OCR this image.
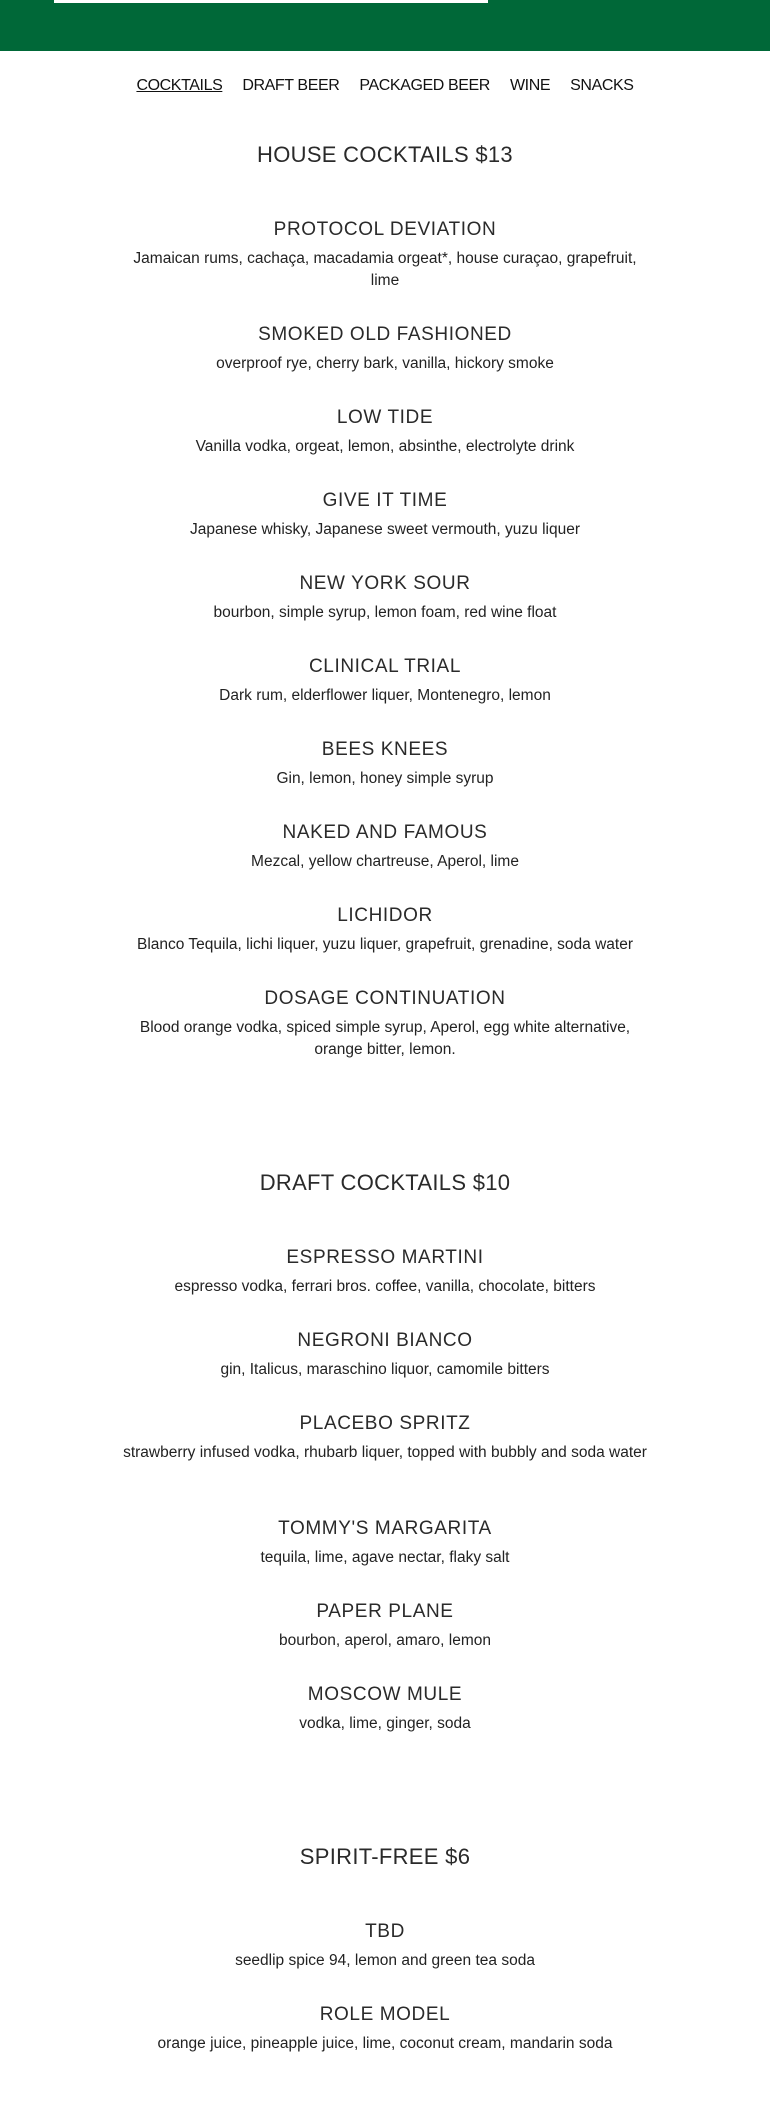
COCKTAILS DRAFT BEER PACKAGED BEER WINE SNACKS
HOUSE COCKTAILS $13
PROTOCOL DEVIATION
Jamaican rums, cachaça, macadamia orgeat*, house curaçao, grapefruit, lime
SMOKED OLD FASHIONED
overproof rye, cherry bark, vanilla, hickory smoke
LOW TIDE
Vanilla vodka, orgeat, lemon, absinthe, electrolyte drink
GIVE IT TIME
Japanese whisky, Japanese sweet vermouth, yuzu liquer
NEW YORK SOUR
bourbon, simple syrup, lemon foam, red wine float
CLINICAL TRIAL
Dark rum, elderflower liquer, Montenegro, lemon
BEES KNEES
Gin, lemon, honey simple syrup
NAKED AND FAMOUS
Mezcal, yellow chartreuse, Aperol, lime
LICHIDOR
Blanco Tequila, lichi liquer, yuzu liquer, grapefruit, grenadine, soda water
DOSAGE CONTINUATION
Blood orange vodka, spiced simple syrup, Aperol, egg white alternative, orange bitter, lemon.
DRAFT COCKTAILS $10
ESPRESSO MARTINI
espresso vodka, ferrari bros. coffee, vanilla, chocolate, bitters
NEGRONI BIANCO
gin, Italicus, maraschino liquor, camomile bitters
PLACEBO SPRITZ
strawberry infused vodka, rhubarb liquer, topped with bubbly and soda water
TOMMY'S MARGARITA
tequila, lime, agave nectar, flaky salt
PAPER PLANE
bourbon, aperol, amaro, lemon
MOSCOW MULE
vodka, lime, ginger, soda
SPIRIT-FREE $6
TBD
seedlip spice 94, lemon and green tea soda
ROLE MODEL
orange juice, pineapple juice, lime, coconut cream, mandarin soda
